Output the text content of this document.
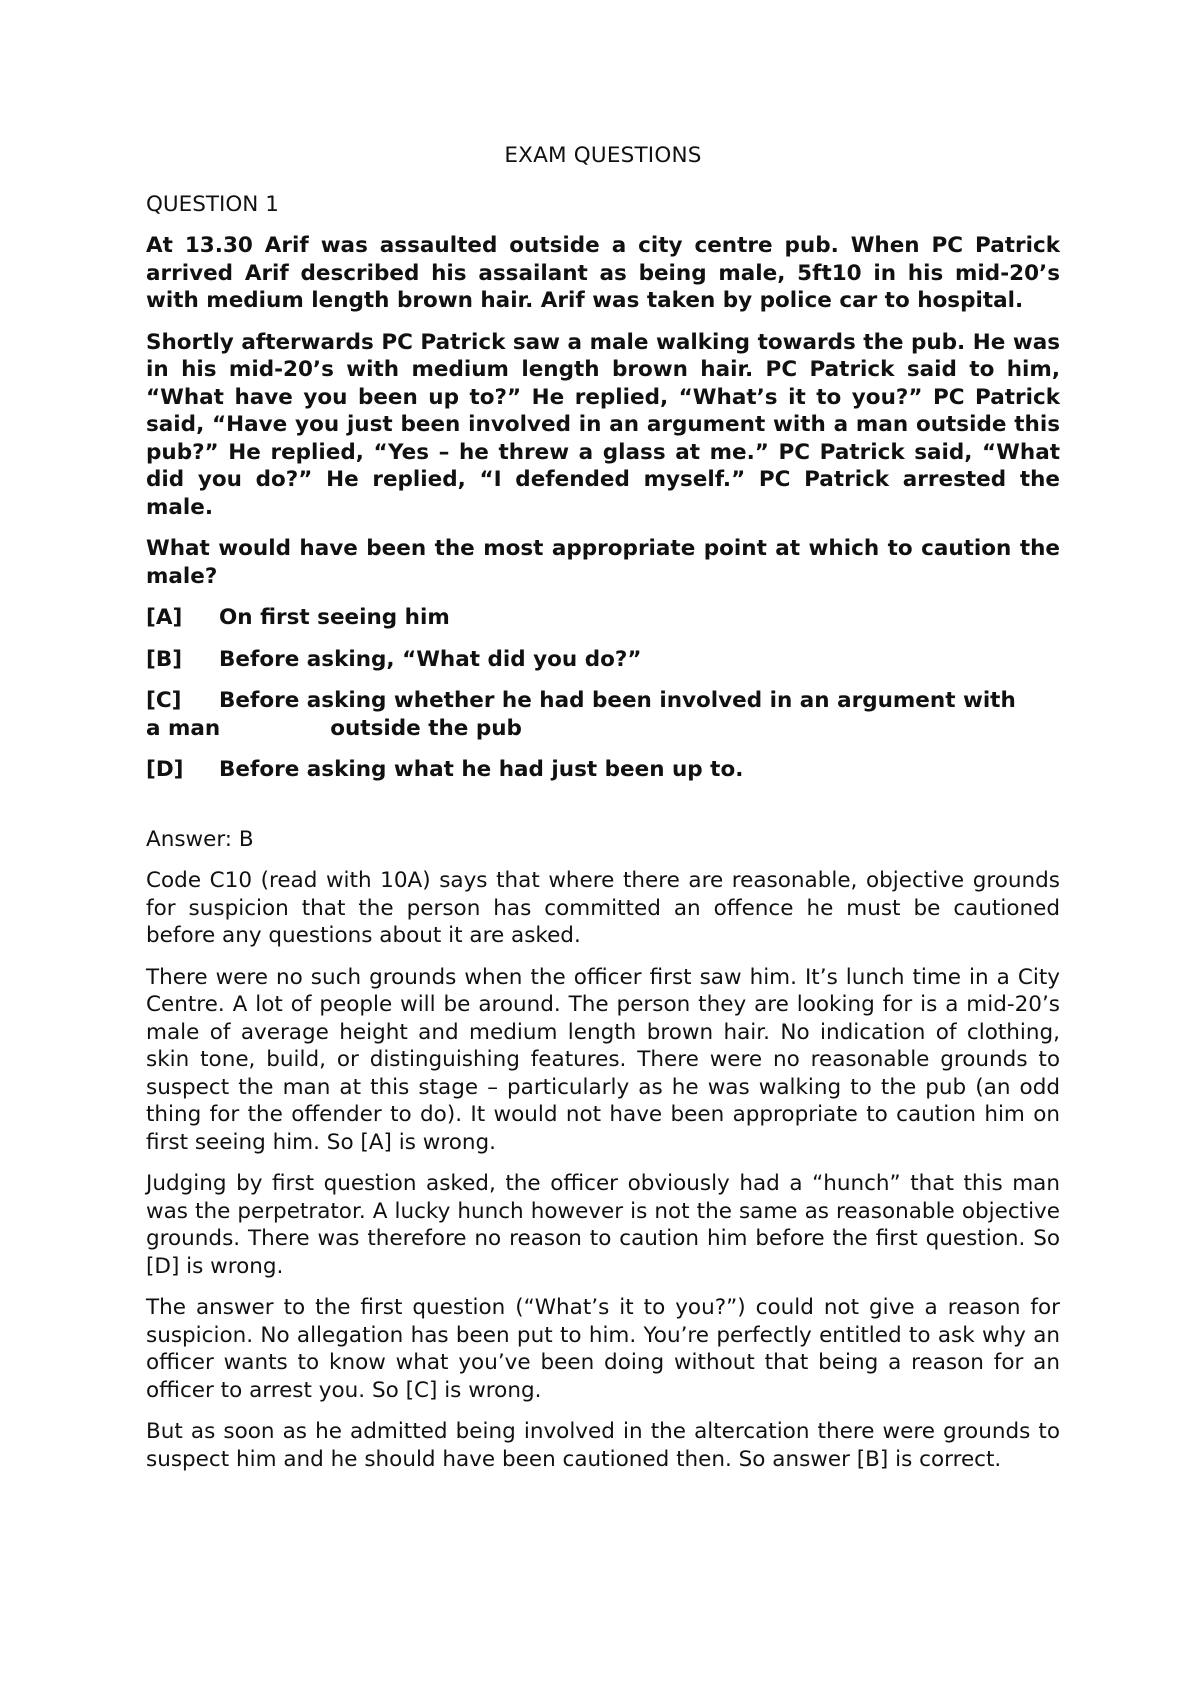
EXAM QUESTIONS
QUESTION 1
At 13.30 Arif was assaulted outside a city centre pub. When PC Patrick arrived Arif described his assailant as being male, 5ft10 in his mid-20’s with medium length brown hair. Arif was taken by police car to hospital.
Shortly afterwards PC Patrick saw a male walking towards the pub. He was in his mid-20’s with medium length brown hair. PC Patrick said to him, “What have you been up to?” He replied, “What’s it to you?” PC Patrick said, “Have you just been involved in an argument with a man outside this pub?” He replied, “Yes – he threw a glass at me.” PC Patrick said, “What did you do?” He replied, “I defended myself.” PC Patrick arrested the male.
What would have been the most appropriate point at which to caution the male?
[A] On first seeing him
[B] Before asking, “What did you do?”
[C] Before asking whether he had been involved in an argument with
a man	outside the pub
[D] Before asking what he had just been up to.
Answer: B
Code C10 (read with 10A) says that where there are reasonable, objective grounds for suspicion that the person has committed an offence he must be cautioned before any questions about it are asked.
There were no such grounds when the officer first saw him. It’s lunch time in a City Centre. A lot of people will be around. The person they are looking for is a mid-20’s male of average height and medium length brown hair. No indication of clothing, skin tone, build, or distinguishing features. There were no reasonable grounds to suspect the man at this stage – particularly as he was walking to the pub (an odd thing for the offender to do). It would not have been appropriate to caution him on first seeing him. So [A] is wrong.
Judging by first question asked, the officer obviously had a “hunch” that this man was the perpetrator. A lucky hunch however is not the same as reasonable objective grounds. There was therefore no reason to caution him before the first question. So [D] is wrong.
The answer to the first question (“What’s it to you?”) could not give a reason for suspicion. No allegation has been put to him. You’re perfectly entitled to ask why an officer wants to know what you’ve been doing without that being a reason for an officer to arrest you. So [C] is wrong.
But as soon as he admitted being involved in the altercation there were grounds to suspect him and he should have been cautioned then. So answer [B] is correct.
